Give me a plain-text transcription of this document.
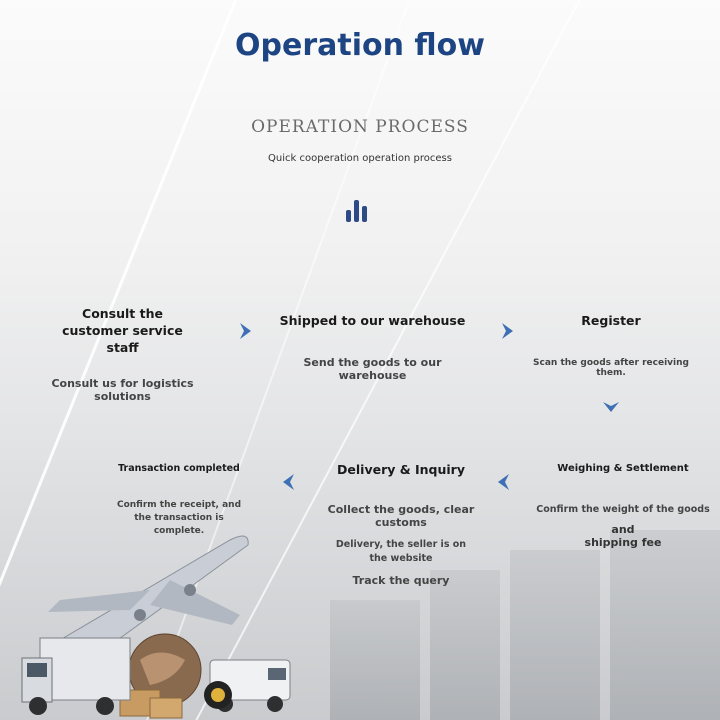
Operation flow
OPERATION PROCESS
Quick cooperation operation process
Consult the customer service staff
Consult us for logistics solutions
Shipped to our warehouse
Send the goods to our warehouse
Register
Scan the goods after receiving them.
Weighing & Settlement
Confirm the weight of the goods
and
shipping fee
Delivery & Inquiry
Collect the goods, clear customs
Delivery, the seller is on the website
Track the query
Transaction completed
Confirm the receipt, and the transaction is complete.
